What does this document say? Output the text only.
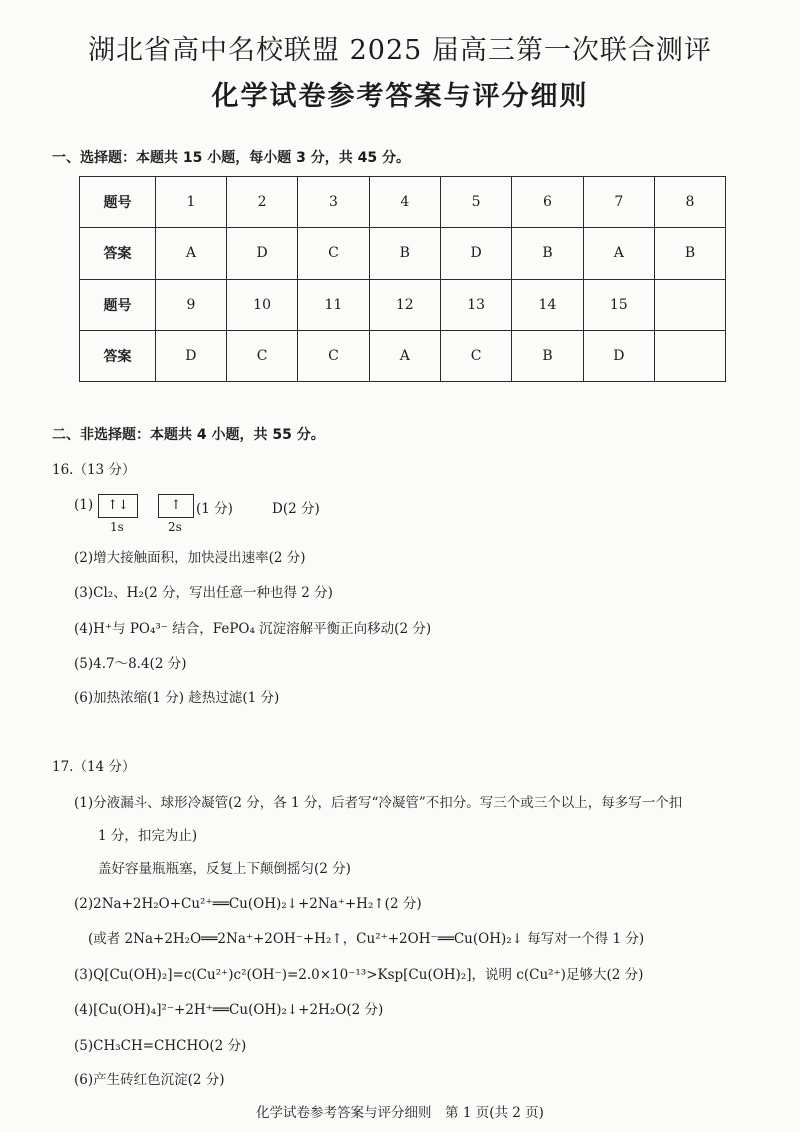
湖北省高中名校联盟 2025 届高三第一次联合测评
化学试卷参考答案与评分细则
一、选择题：本题共 15 小题，每小题 3 分，共 45 分。
题号	1	2	3	4	5	6	7	8
答案	A	D	C	B	D	B	A	B
题号	9	10	11	12	13	14	15	
答案	D	C	C	A	C	B	D	
二、非选择题：本题共 4 小题，共 55 分。
16.（13 分）
(1)	↑↓	↑
1s	2s
(1 分)	D(2 分)
(2)增大接触面积，加快浸出速率(2 分)
(3)Cl₂、H₂(2 分，写出任意一种也得 2 分)
(4)H⁺与 PO₄³⁻ 结合，FePO₄ 沉淀溶解平衡正向移动(2 分)
(5)4.7～8.4(2 分)
(6)加热浓缩(1 分) 趁热过滤(1 分)
17.（14 分）
(1)分液漏斗、球形冷凝管(2 分，各 1 分，后者写“冷凝管”不扣分。写三个或三个以上，每多写一个扣
1 分，扣完为止)
盖好容量瓶瓶塞，反复上下颠倒摇匀(2 分)
(2)2Na+2H₂O+Cu²⁺══Cu(OH)₂↓+2Na⁺+H₂↑(2 分)
(或者 2Na+2H₂O══2Na⁺+2OH⁻+H₂↑，Cu²⁺+2OH⁻══Cu(OH)₂↓ 每写对一个得 1 分)
(3)Q[Cu(OH)₂]=c(Cu²⁺)c²(OH⁻)=2.0×10⁻¹³>Ksp[Cu(OH)₂]，说明 c(Cu²⁺)足够大(2 分)
(4)[Cu(OH)₄]²⁻+2H⁺══Cu(OH)₂↓+2H₂O(2 分)
(5)CH₃CH=CHCHO(2 分)
(6)产生砖红色沉淀(2 分)
化学试卷参考答案与评分细则　第 1 页(共 2 页)
